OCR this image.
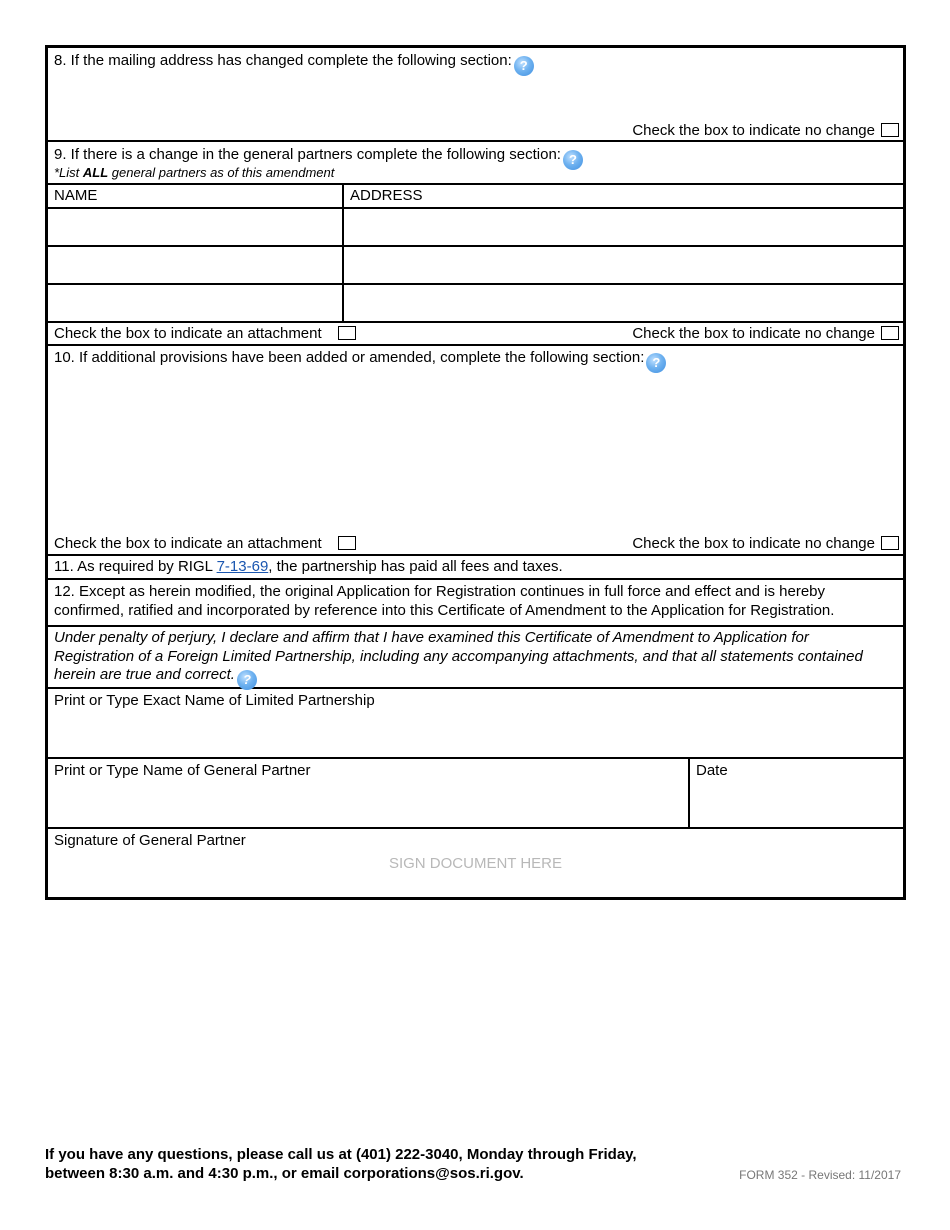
8. If the mailing address has changed complete the following section: ?
Check the box to indicate no change
9. If there is a change in the general partners complete the following section: ?
*List ALL general partners as of this amendment
NAME	ADDRESS
Check the box to indicate an attachment	Check the box to indicate no change
10. If additional provisions have been added or amended, complete the following section: ?
Check the box to indicate an attachment	Check the box to indicate no change
11. As required by RIGL 7-13-69, the partnership has paid all fees and taxes.
12. Except as herein modified, the original Application for Registration continues in full force and effect and is hereby
confirmed, ratified and incorporated by reference into this Certificate of Amendment to the Application for Registration.
Under penalty of perjury, I declare and affirm that I have examined this Certificate of Amendment to Application for
Registration of a Foreign Limited Partnership, including any accompanying attachments, and that all statements contained
herein are true and correct. ?
Print or Type Exact Name of Limited Partnership
Print or Type Name of General Partner	Date
Signature of General Partner
SIGN DOCUMENT HERE
If you have any questions, please call us at (401) 222-3040, Monday through Friday,
between 8:30 a.m. and 4:30 p.m., or email corporations@sos.ri.gov.	FORM 352 - Revised: 11/2017
